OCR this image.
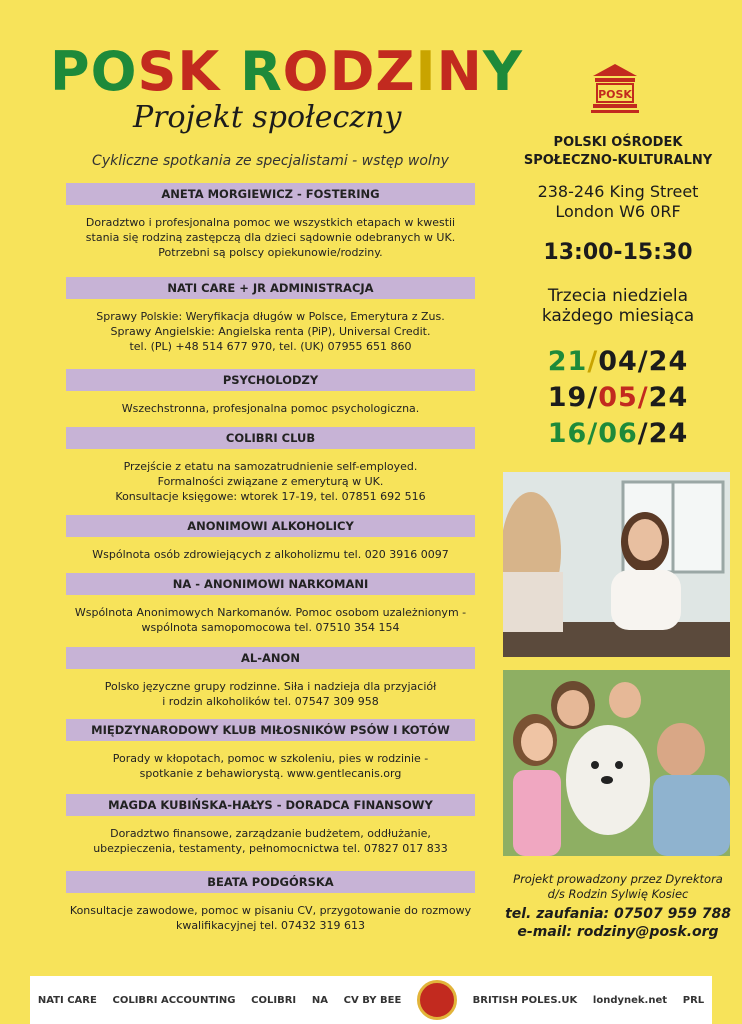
POSK RODZINY
Projekt społeczny
Cykliczne spotkania ze specjalistami - wstęp wolny
ANETA MORGIEWICZ - FOSTERING
Doradztwo i profesjonalna pomoc we wszystkich etapach w kwestii
stania się rodziną zastępczą dla dzieci sądownie odebranych w UK.
Potrzebni są polscy opiekunowie/rodziny.
NATI CARE + JR ADMINISTRACJA
Sprawy Polskie: Weryfikacja długów w Polsce, Emerytura z Zus.
Sprawy Angielskie: Angielska renta (PiP), Universal Credit.
tel. (PL) +48 514 677 970, tel. (UK) 07955 651 860
PSYCHOLODZY
Wszechstronna, profesjonalna pomoc psychologiczna.
COLIBRI CLUB
Przejście z etatu na samozatrudnienie self-employed.
Formalności związane z emeryturą w UK.
Konsultacje księgowe: wtorek 17-19, tel. 07851 692 516
ANONIMOWI ALKOHOLICY
Wspólnota osób zdrowiejących z alkoholizmu tel. 020 3916 0097
NA - ANONIMOWI NARKOMANI
Wspólnota Anonimowych Narkomanów. Pomoc osobom uzależnionym -
wspólnota samopomocowa tel. 07510 354 154
AL-ANON
Polsko języczne grupy rodzinne. Siła i nadzieja dla przyjaciół
i rodzin alkoholików tel. 07547 309 958
MIĘDZYNARODOWY KLUB MIŁOSNIKÓW PSÓW I KOTÓW
Porady w kłopotach, pomoc w szkoleniu, pies w rodzinie -
spotkanie z behawiorystą. www.gentlecanis.org
MAGDA KUBIŃSKA-HAŁYS - DORADCA FINANSOWY
Doradztwo finansowe, zarządzanie budżetem, oddłużanie,
ubezpieczenia, testamenty, pełnomocnictwa tel. 07827 017 833
BEATA PODGÓRSKA
Konsultacje zawodowe, pomoc w pisaniu CV, przygotowanie do rozmowy
kwalifikacyjnej tel. 07432 319 613
POSK
POLSKI OŚRODEK
SPOŁECZNO-KULTURALNY
238-246 King Street
London W6 0RF
13:00-15:30
Trzecia niedziela
każdego miesiąca
21/04/24
19/05/24
16/06/24
Projekt prowadzony przez Dyrektora
d/s Rodzin Sylwię Kosiec
tel. zaufania: 07507 959 788
e-mail: rodziny@posk.org
NATI CARE COLIBRI ACCOUNTING COLIBRI NA CV BY BEE	BRITISH POLES.UK londynek.net PRL
